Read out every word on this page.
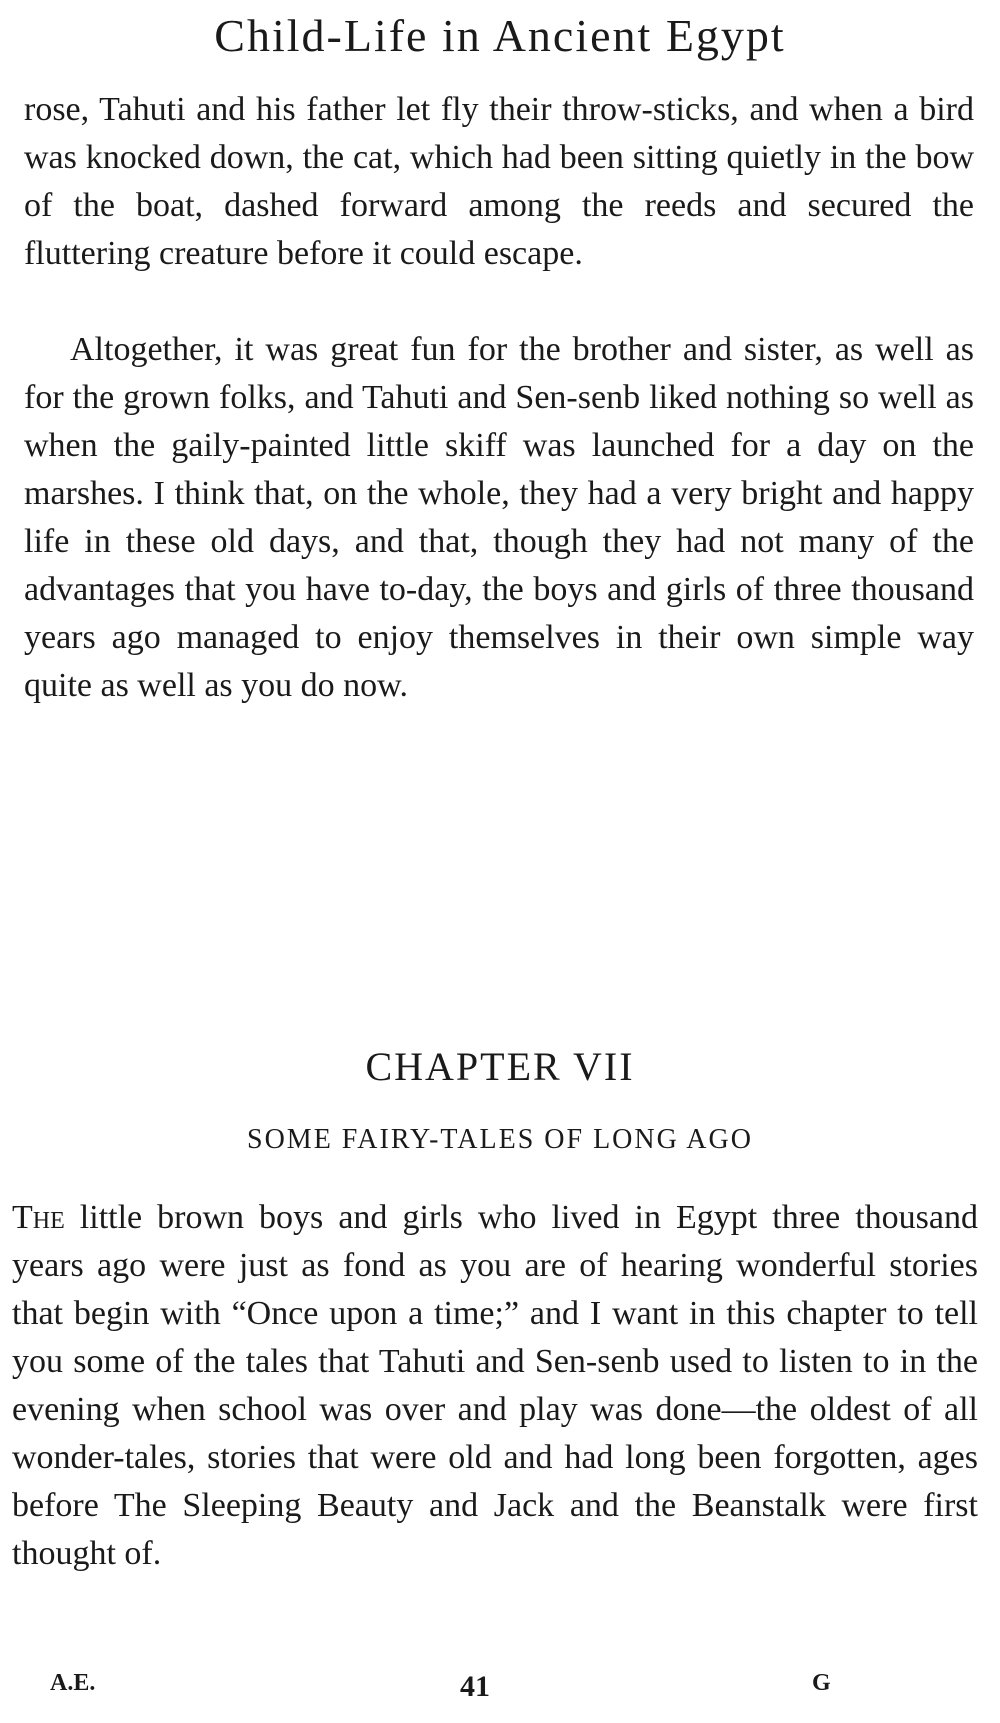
Child-Life in Ancient Egypt

rose, Tahuti and his father let fly their throw-sticks, and when a bird was knocked down, the cat, which had been sitting quietly in the bow of the boat, dashed forward among the reeds and secured the fluttering creature before it could escape.

Altogether, it was great fun for the brother and sister, as well as for the grown folks, and Tahuti and Sen-senb liked nothing so well as when the gaily-painted little skiff was launched for a day on the marshes. I think that, on the whole, they had a very bright and happy life in these old days, and that, though they had not many of the advantages that you have to-day, the boys and girls of three thousand years ago managed to enjoy themselves in their own simple way quite as well as you do now.

CHAPTER VII
SOME FAIRY-TALES OF LONG AGO

The little brown boys and girls who lived in Egypt three thousand years ago were just as fond as you are of hearing wonderful stories that begin with “Once upon a time;” and I want in this chapter to tell you some of the tales that Tahuti and Sen-senb used to listen to in the evening when school was over and play was done—the oldest of all wonder-tales, stories that were old and had long been forgotten, ages before The Sleeping Beauty and Jack and the Beanstalk were first thought of.

A.E.	41	G
